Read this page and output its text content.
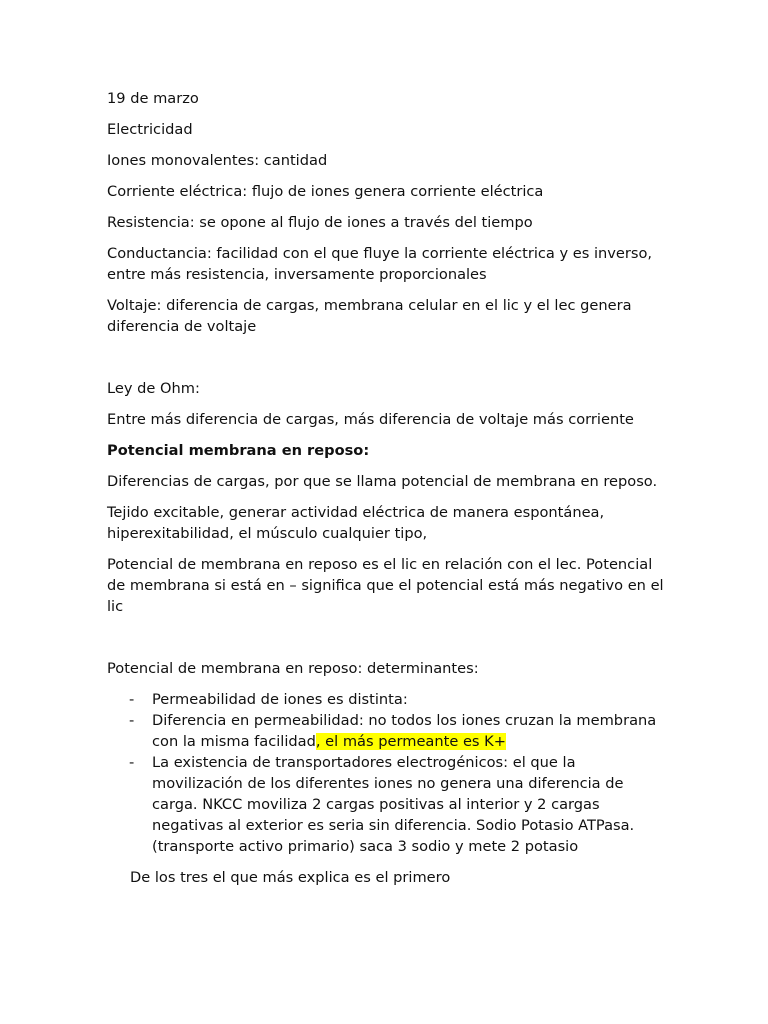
19 de marzo

Electricidad

Iones monovalentes: cantidad

Corriente eléctrica: flujo de iones genera corriente eléctrica

Resistencia: se opone al flujo de iones a través del tiempo

Conductancia: facilidad con el que fluye la corriente eléctrica y es inverso, entre más resistencia, inversamente proporcionales

Voltaje: diferencia de cargas, membrana celular en el lic y el lec genera diferencia de voltaje

Ley de Ohm:

Entre más diferencia de cargas, más diferencia de voltaje más corriente

Potencial membrana en reposo:

Diferencias de cargas, por que se llama potencial de membrana en reposo.

Tejido excitable, generar actividad eléctrica de manera espontánea, hiperexitabilidad, el músculo cualquier tipo,

Potencial de membrana en reposo es el lic en relación con el lec. Potencial de membrana si está en – significa que el potencial está más negativo en el lic

Potencial de membrana en reposo: determinantes:

- Permeabilidad de iones es distinta:
- Diferencia en permeabilidad: no todos los iones cruzan la membrana con la misma facilidad, el más permeante es K+
- La existencia de transportadores electrogénicos: el que la movilización de los diferentes iones no genera una diferencia de carga. NKCC moviliza 2 cargas positivas al interior y 2 cargas negativas al exterior es seria sin diferencia. Sodio Potasio ATPasa. (transporte activo primario) saca 3 sodio y mete 2 potasio

De los tres el que más explica es el primero
